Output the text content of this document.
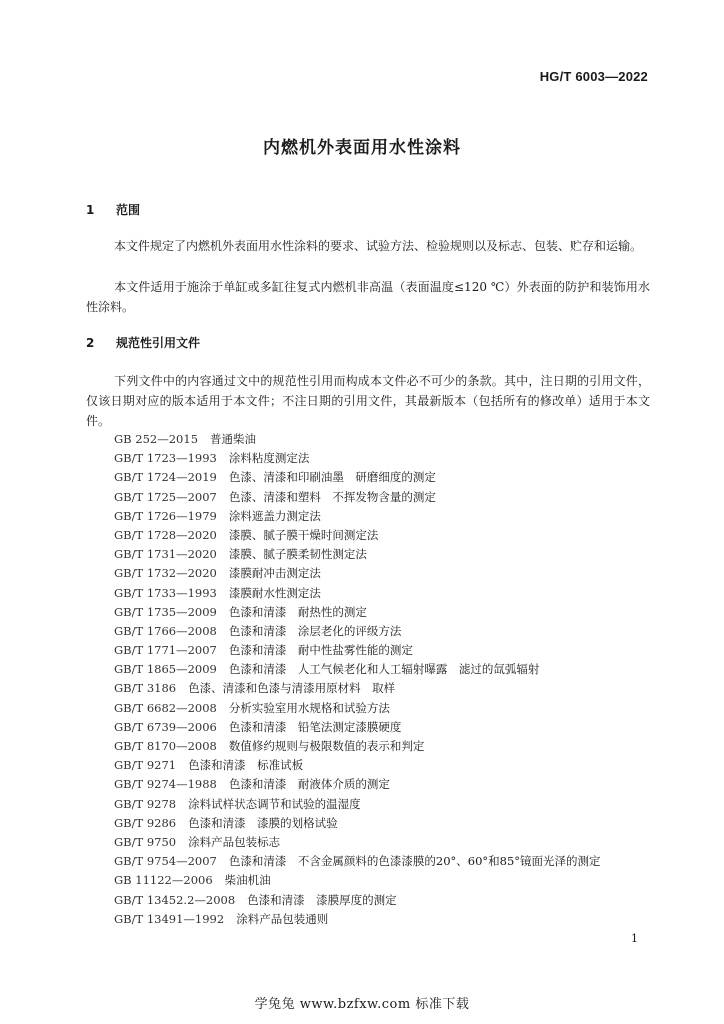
HG/T 6003—2022
内燃机外表面用水性涂料
1 范围
本文件规定了内燃机外表面用水性涂料的要求、试验方法、检验规则以及标志、包装、贮存和运输。
本文件适用于施涂于单缸或多缸往复式内燃机非高温（表面温度≤120 ℃）外表面的防护和装饰用水性涂料。
2 规范性引用文件
下列文件中的内容通过文中的规范性引用而构成本文件必不可少的条款。其中，注日期的引用文件，仅该日期对应的版本适用于本文件；不注日期的引用文件，其最新版本（包括所有的修改单）适用于本文件。
GB 252—2015 普通柴油
GB/T 1723—1993 涂料粘度测定法
GB/T 1724—2019 色漆、清漆和印刷油墨　研磨细度的测定
GB/T 1725—2007 色漆、清漆和塑料　不挥发物含量的测定
GB/T 1726—1979 涂料遮盖力测定法
GB/T 1728—2020 漆膜、腻子膜干燥时间测定法
GB/T 1731—2020 漆膜、腻子膜柔韧性测定法
GB/T 1732—2020 漆膜耐冲击测定法
GB/T 1733—1993 漆膜耐水性测定法
GB/T 1735—2009 色漆和清漆　耐热性的测定
GB/T 1766—2008 色漆和清漆　涂层老化的评级方法
GB/T 1771—2007 色漆和清漆　耐中性盐雾性能的测定
GB/T 1865—2009 色漆和清漆　人工气候老化和人工辐射曝露　滤过的氙弧辐射
GB/T 3186 色漆、清漆和色漆与清漆用原材料　取样
GB/T 6682—2008 分析实验室用水规格和试验方法
GB/T 6739—2006 色漆和清漆　铅笔法测定漆膜硬度
GB/T 8170—2008 数值修约规则与极限数值的表示和判定
GB/T 9271 色漆和清漆　标准试板
GB/T 9274—1988 色漆和清漆　耐液体介质的测定
GB/T 9278 涂料试样状态调节和试验的温湿度
GB/T 9286 色漆和清漆　漆膜的划格试验
GB/T 9750 涂料产品包装标志
GB/T 9754—2007 色漆和清漆　不含金属颜料的色漆漆膜的20°、60°和85°镜面光泽的测定
GB 11122—2006 柴油机油
GB/T 13452.2—2008 色漆和清漆　漆膜厚度的测定
GB/T 13491—1992 涂料产品包装通则
1
学兔兔 www.bzfxw.com 标准下载
